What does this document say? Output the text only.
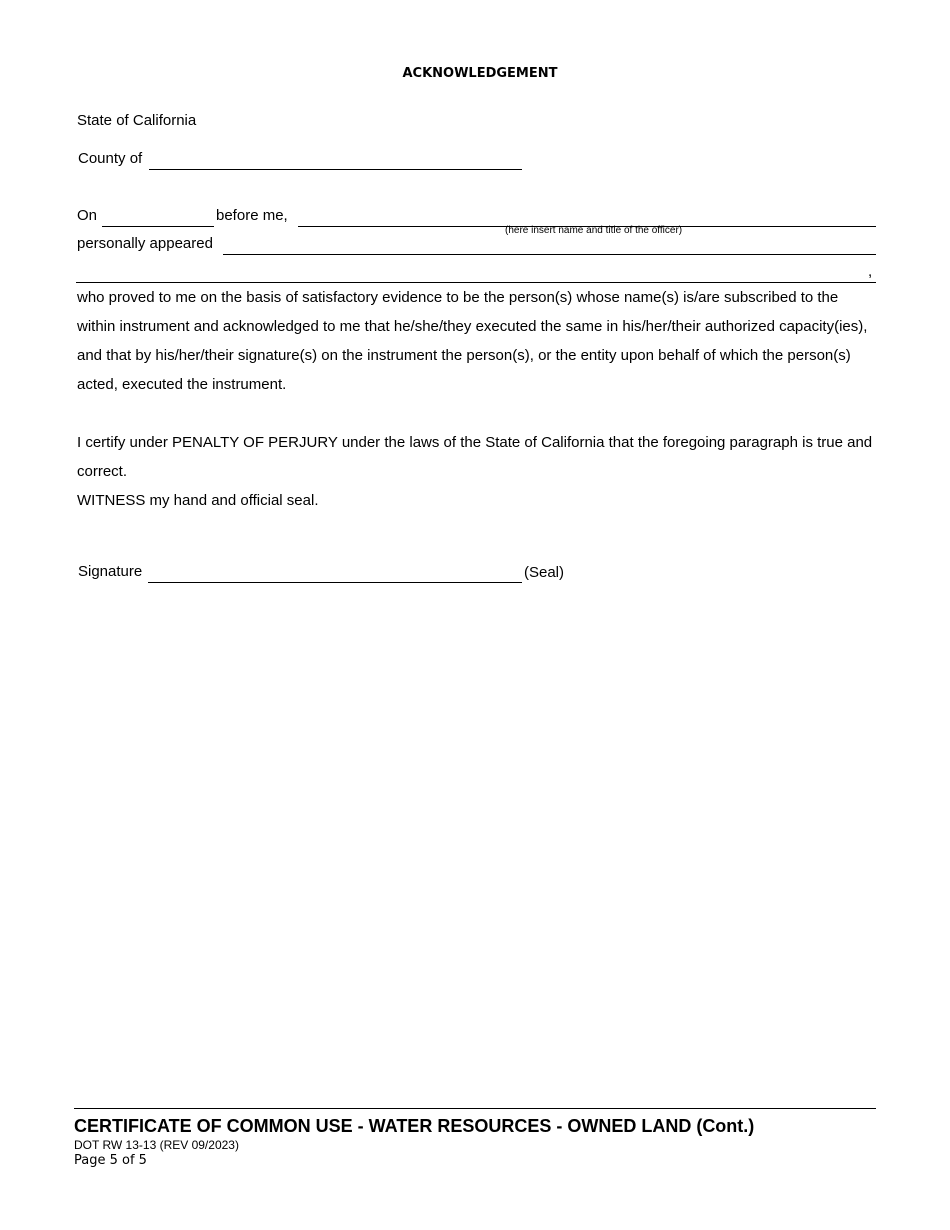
ACKNOWLEDGEMENT
State of California
County of
On	before me,
(here insert name and title of the officer)
personally appeared
,
who proved to me on the basis of satisfactory evidence to be the person(s) whose name(s) is/are subscribed to the within instrument and acknowledged to me that he/she/they executed the same in his/her/their authorized capacity(ies), and that by his/her/their signature(s) on the instrument the person(s), or the entity upon behalf of which the person(s) acted, executed the instrument.
I certify under PENALTY OF PERJURY under the laws of the State of California that the foregoing paragraph is true and correct.
WITNESS my hand and official seal.
Signature	(Seal)
CERTIFICATE OF COMMON USE - WATER RESOURCES - OWNED LAND (Cont.)
DOT RW 13-13 (REV 09/2023)
Page 5 of 5
